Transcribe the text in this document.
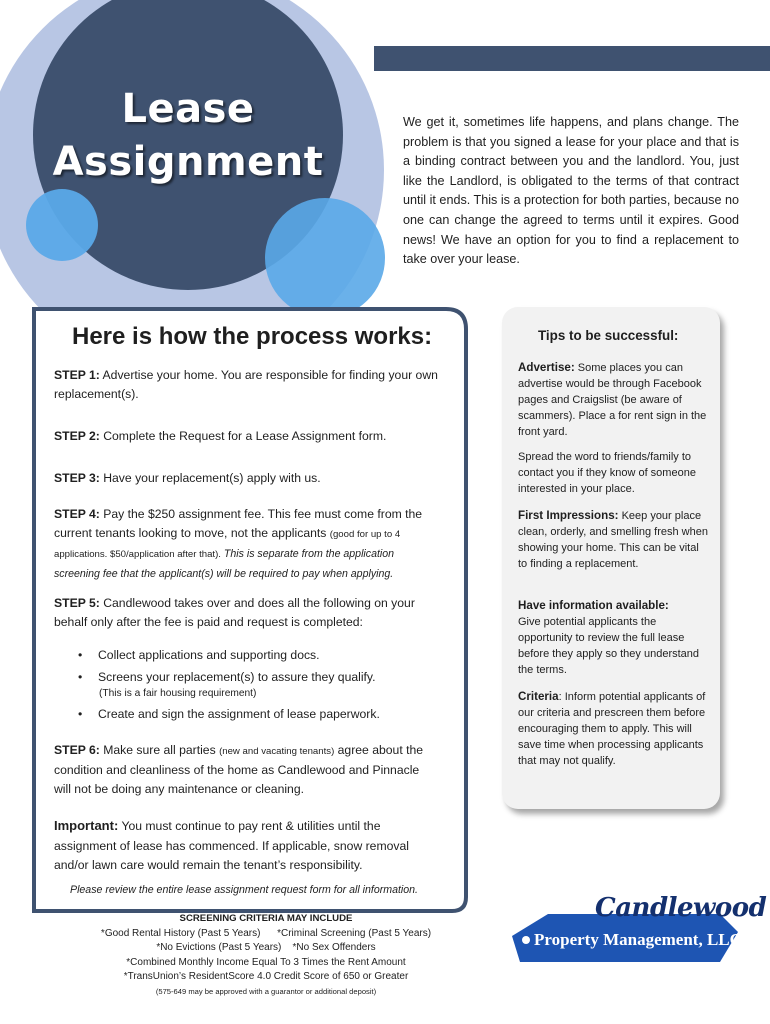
Lease
Assignment
We get it, sometimes life happens, and plans change. The problem is that you signed a lease for your place and that is a binding contract between you and the landlord. You, just like the Landlord, is obligated to the terms of that contract until it ends. This is a protection for both parties, because no one can change the agreed to terms until it expires. Good news! We have an option for you to find a replacement to take over your lease.
Here is how the process works:
STEP 1: Advertise your home. You are responsible for finding your own replacement(s).
STEP 2: Complete the Request for a Lease Assignment form.
STEP 3: Have your replacement(s) apply with us.
STEP 4: Pay the $250 assignment fee. This fee must come from the current tenants looking to move, not the applicants (good for up to 4 applications. $50/application after that). This is separate from the application screening fee that the applicant(s) will be required to pay when applying.
STEP 5: Candlewood takes over and does all the following on your behalf only after the fee is paid and request is completed:
• Collect applications and supporting docs.
• Screens your replacement(s) to assure they qualify.
(This is a fair housing requirement)
• Create and sign the assignment of lease paperwork.
STEP 6: Make sure all parties (new and vacating tenants) agree about the condition and cleanliness of the home as Candlewood and Pinnacle will not be doing any maintenance or cleaning.
Important: You must continue to pay rent & utilities until the assignment of lease has commenced. If applicable, snow removal and/or lawn care would remain the tenant’s responsibility.
Please review the entire lease assignment request form for all information.
Tips to be successful:
Advertise: Some places you can advertise would be through Facebook pages and Craigslist (be aware of scammers). Place a for rent sign in the front yard.
Spread the word to friends/family to contact you if they know of someone interested in your place.
First Impressions: Keep your place clean, orderly, and smelling fresh when showing your home. This can be vital to finding a replacement.
Have information available:
Give potential applicants the opportunity to review the full lease before they apply so they understand the terms.
Criteria: Inform potential applicants of our criteria and prescreen them before encouraging them to apply. This will save time when processing applicants that may not qualify.
SCREENING CRITERIA MAY INCLUDE
*Good Rental History (Past 5 Years)      *Criminal Screening (Past 5 Years)
*No Evictions (Past 5 Years)    *No Sex Offenders
*Combined Monthly Income Equal To 3 Times the Rent Amount
*TransUnion’s ResidentScore 4.0 Credit Score of 650 or Greater
(575-649 may be approved with a guarantor or additional deposit)
Candlewood
Property Management, LLC
